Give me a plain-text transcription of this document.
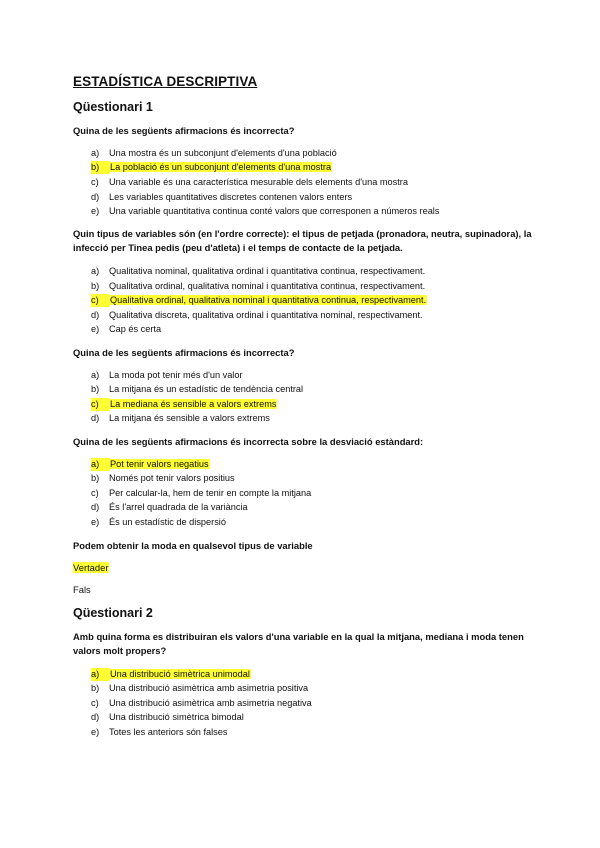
ESTADÍSTICA DESCRIPTIVA
Qüestionari 1
Quina de les següents afirmacions és incorrecta?
a) Una mostra és un subconjunt d'elements d'una població
b) La població és un subconjunt d'elements d'una mostra
c) Una variable és una característica mesurable dels elements d'una mostra
d) Les variables quantitatives discretes contenen valors enters
e) Una variable quantitativa continua conté valors que corresponen a números reals
Quin tipus de variables són (en l'ordre correcte): el tipus de petjada (pronadora, neutra, supinadora), la infecció per Tinea pedis (peu d'atleta) i el temps de contacte de la petjada.
a) Qualitativa nominal, qualitativa ordinal i quantitativa continua, respectivament.
b) Qualitativa ordinal, qualitativa nominal i quantitativa continua, respectivament.
c) Qualitativa ordinal, qualitativa nominal i quantitativa continua, respectivament.
d) Qualitativa discreta, qualitativa ordinal i quantitativa nominal, respectivament.
e) Cap és certa
Quina de les següents afirmacions és incorrecta?
a) La moda pot tenir més d'un valor
b) La mitjana és un estadístic de tendència central
c) La mediana és sensible a valors extrems
d) La mitjana és sensible a valors extrems
Quina de les següents afirmacions és incorrecta sobre la desviació estàndard:
a) Pot tenir valors negatius
b) Només pot tenir valors positius
c) Per calcular-la, hem de tenir en compte la mitjana
d) És l'arrel quadrada de la variància
e) És un estadístic de dispersió
Podem obtenir la moda en qualsevol tipus de variable
Vertader
Fals
Qüestionari 2
Amb quina forma es distribuiran els valors d'una variable en la qual la mitjana, mediana i moda tenen valors molt propers?
a) Una distribució simètrica unimodal
b) Una distribució asimètrica amb asimetria positiva
c) Una distribució asimètrica amb asimetria negativa
d) Una distribució simètrica bimodal
e) Totes les anteriors són falses
